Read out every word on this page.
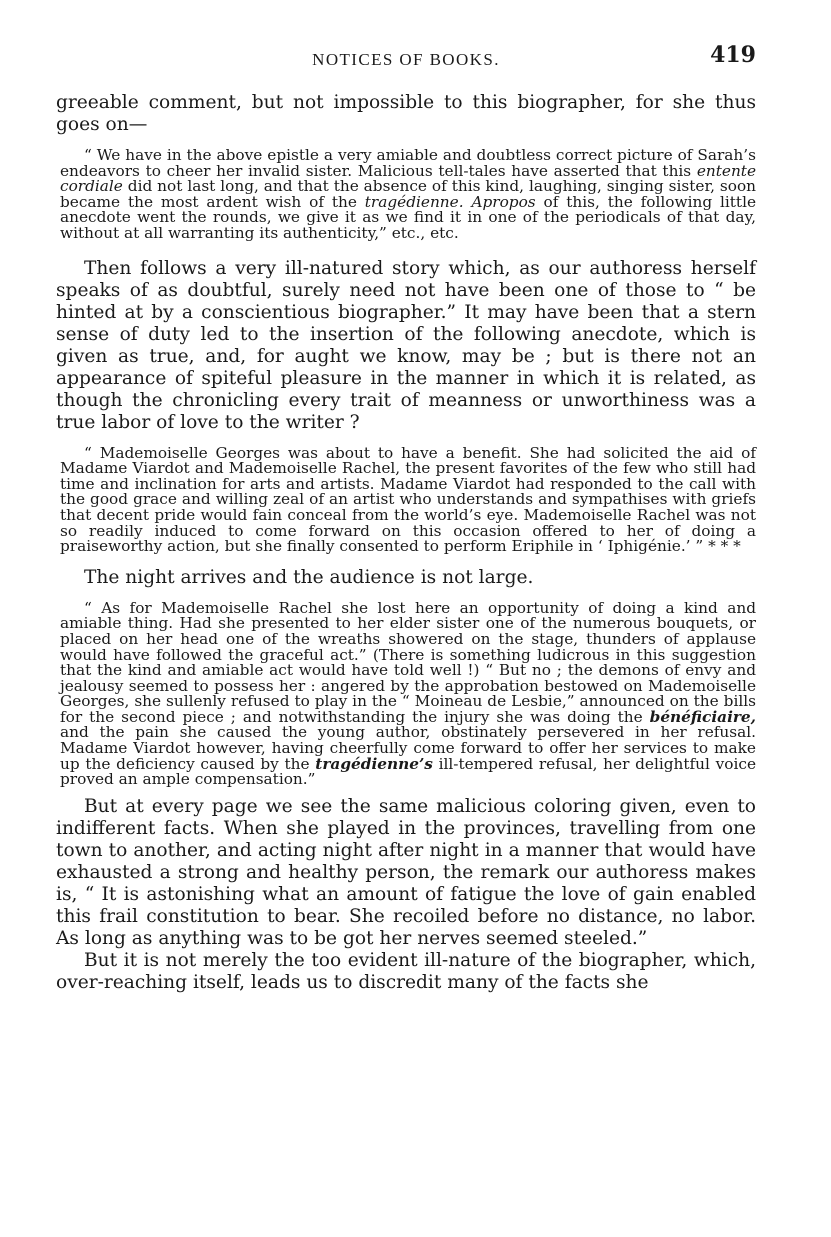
NOTICES OF BOOKS.	419

greeable comment, but not impossible to this biographer, for she thus goes on—

“ We have in the above epistle a very amiable and doubtless correct picture of Sarah’s endeavors to cheer her invalid sister. Malicious tell-tales have asserted that this entente cordiale did not last long, and that the absence of this kind, laughing, singing sister, soon became the most ardent wish of the tragédienne. Apropos of this, the following little anecdote went the rounds, we give it as we find it in one of the periodicals of that day, without at all warranting its authenticity,” etc., etc.

Then follows a very ill-natured story which, as our authoress herself speaks of as doubtful, surely need not have been one of those to “ be hinted at by a conscientious biographer.” It may have been that a stern sense of duty led to the insertion of the following anecdote, which is given as true, and, for aught we know, may be ; but is there not an appearance of spiteful pleasure in the manner in which it is related, as though the chronicling every trait of meanness or unworthiness was a true labor of love to the writer ?

“ Mademoiselle Georges was about to have a benefit. She had solicited the aid of Madame Viardot and Mademoiselle Rachel, the present favorites of the few who still had time and inclination for arts and artists. Madame Viardot had responded to the call with the good grace and willing zeal of an artist who understands and sympathises with griefs that decent pride would fain conceal from the world’s eye. Mademoiselle Rachel was not so readily induced to come forward on this occasion offered to her of doing a praiseworthy action, but she finally consented to perform Eriphile in ‘ Iphigénie.’ ” * * *

The night arrives and the audience is not large.

“ As for Mademoiselle Rachel she lost here an opportunity of doing a kind and amiable thing. Had she presented to her elder sister one of the numerous bouquets, or placed on her head one of the wreaths showered on the stage, thunders of applause would have followed the graceful act.” (There is something ludicrous in this suggestion that the kind and amiable act would have told well !) “ But no ; the demons of envy and jealousy seemed to possess her : angered by the approbation bestowed on Mademoiselle Georges, she sullenly refused to play in the “ Moineau de Lesbie,” announced on the bills for the second piece ; and notwithstanding the injury she was doing the bénéficiaire, and the pain she caused the young author, obstinately persevered in her refusal. Madame Viardot however, having cheerfully come forward to offer her services to make up the deficiency caused by the tragédienne’s ill-tempered refusal, her delightful voice proved an ample compensation.”

But at every page we see the same malicious coloring given, even to indifferent facts. When she played in the provinces, travelling from one town to another, and acting night after night in a manner that would have exhausted a strong and healthy person, the remark our authoress makes is, “ It is astonishing what an amount of fatigue the love of gain enabled this frail constitution to bear. She recoiled before no distance, no labor. As long as anything was to be got her nerves seemed steeled.”

But it is not merely the too evident ill-nature of the biographer, which, over-reaching itself, leads us to discredit many of the facts she
